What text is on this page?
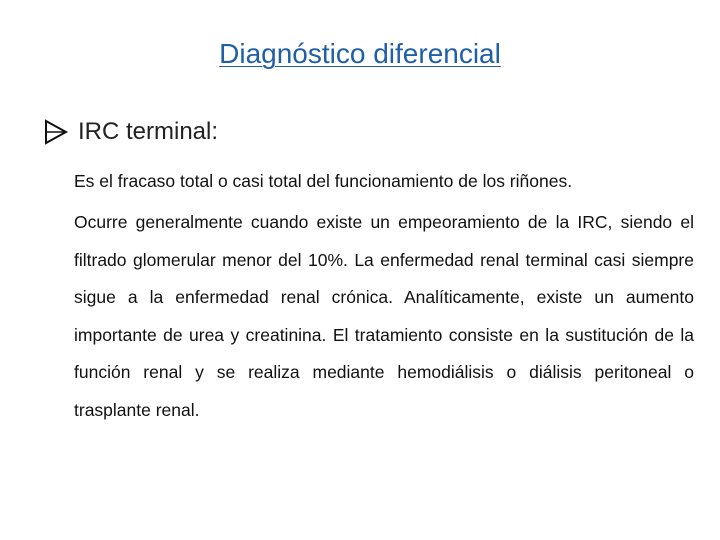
Diagnóstico diferencial
IRC terminal:

Es el fracaso total o casi total del funcionamiento de los riñones.

Ocurre generalmente cuando existe un empeoramiento de la IRC, siendo el filtrado glomerular menor del 10%. La enfermedad renal terminal casi siempre sigue a la enfermedad renal crónica. Analíticamente, existe un aumento importante de urea y creatinina. El tratamiento consiste en la sustitución de la función renal y se realiza mediante hemodiálisis o diálisis peritoneal o trasplante renal.
